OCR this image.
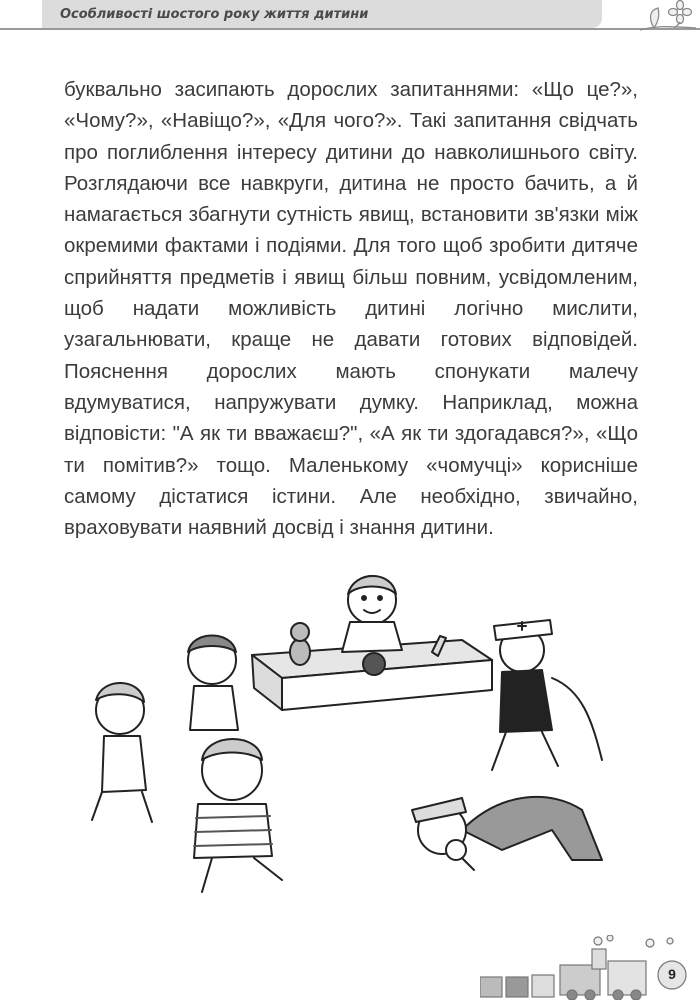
Особливості шостого року життя дитини

буквально засипають дорослих запитаннями: «Що це?», «Чому?», «Навіщо?», «Для чого?». Такі запитання свідчать про поглиблення інтересу дитини до навколишнього світу. Розглядаючи все навкруги, дитина не просто бачить, а й намагається збагнути сутність явищ, встановити зв'язки між окремими фактами і подіями. Для того щоб зробити дитяче сприйняття предметів і явищ більш повним, усвідомленим, щоб надати можливість дитині логічно мислити, узагальнювати, краще не давати готових відповідей. Пояснення дорослих мають спонукати малечу вдумуватися, напружувати думку. Наприклад, можна відповісти: "А як ти вважаєш?", «А як ти здогадався?», «Що ти помітив?» тощо. Маленькому «чомучці» корисніше самому дістатися істини. Але необхідно, звичайно, враховувати наявний досвід і знання дитини.

9
